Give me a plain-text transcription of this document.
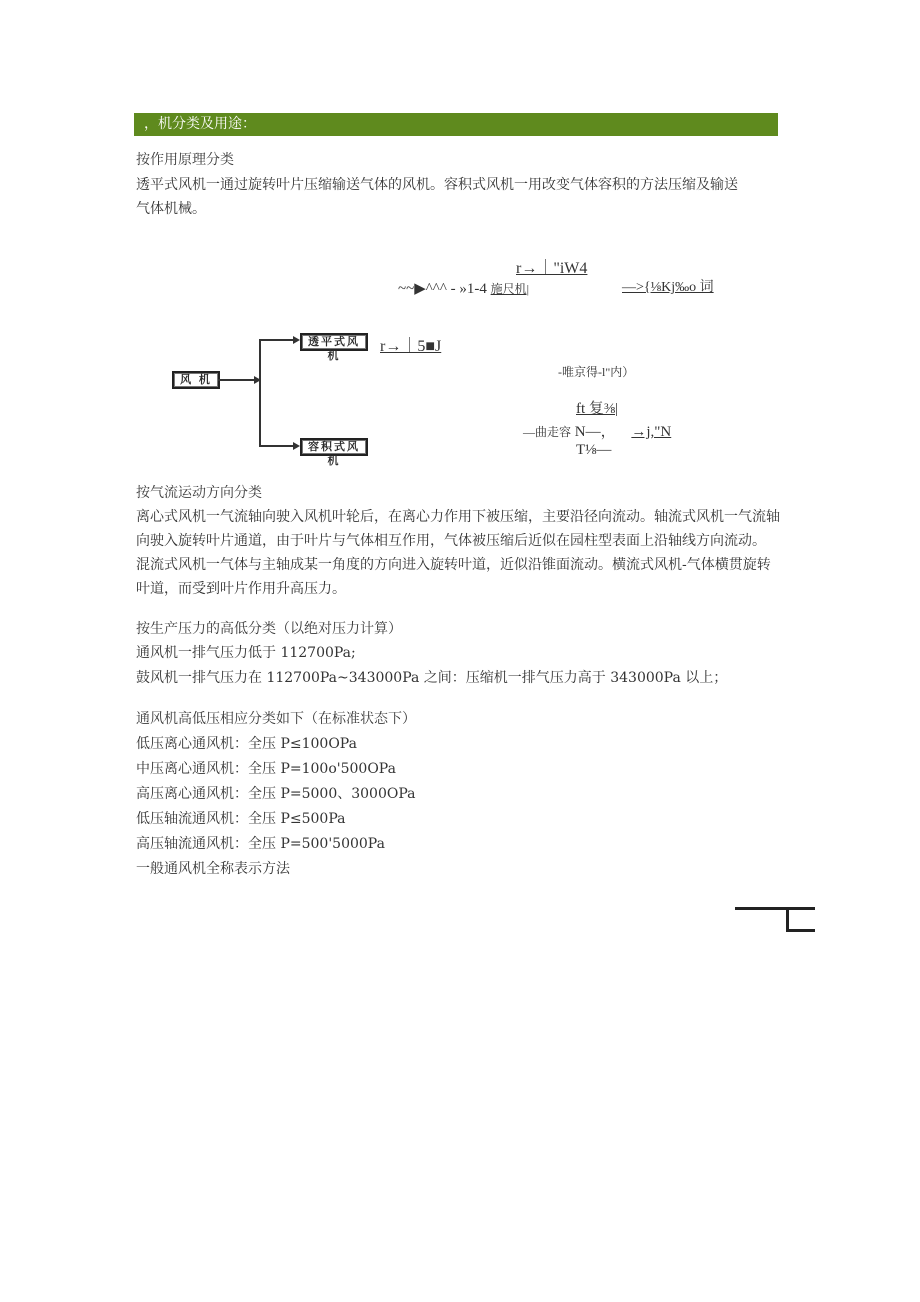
，机分类及用途：
按作用原理分类
透平式风机一通过旋转叶片压缩输送气体的风机。容积式风机一用改变气体容积的方法压缩及输送
气体机械。
r→｜"iW4
~~▶^^^ - »1-4 施尺机|	—>{⅛Kj‰o 词
透平式风机
r→｜5■J
风 机
容积式风机
-唯京得-l"内）
ft 复⅜|
—曲走容 N—， →j,"N
T⅛—
按气流运动方向分类
离心式风机一气流轴向驶入风机叶轮后，在离心力作用下被压缩，主要沿径向流动。轴流式风机一气流轴
向驶入旋转叶片通道，由于叶片与气体相互作用，气体被压缩后近似在园柱型表面上沿轴线方向流动。
混流式风机一气体与主轴成某一角度的方向进入旋转叶道，近似沿锥面流动。横流式风机-气体横贯旋转
叶道，而受到叶片作用升高压力。
按生产压力的高低分类（以绝对压力计算）
通风机一排气压力低于 112700Pa;
鼓风机一排气压力在 112700Pa~343000Pa 之间：压缩机一排气压力高于 343000Pa 以上；
通风机高低压相应分类如下（在标准状态下）
低压离心通风机：全压 P≤100OPa
中压离心通风机：全压 P=100o'500OPa
高压离心通风机：全压 P=5000、3000OPa
低压轴流通风机：全压 P≤500Pa
高压轴流通风机：全压 P=500'5000Pa
一般通风机全称表示方法
